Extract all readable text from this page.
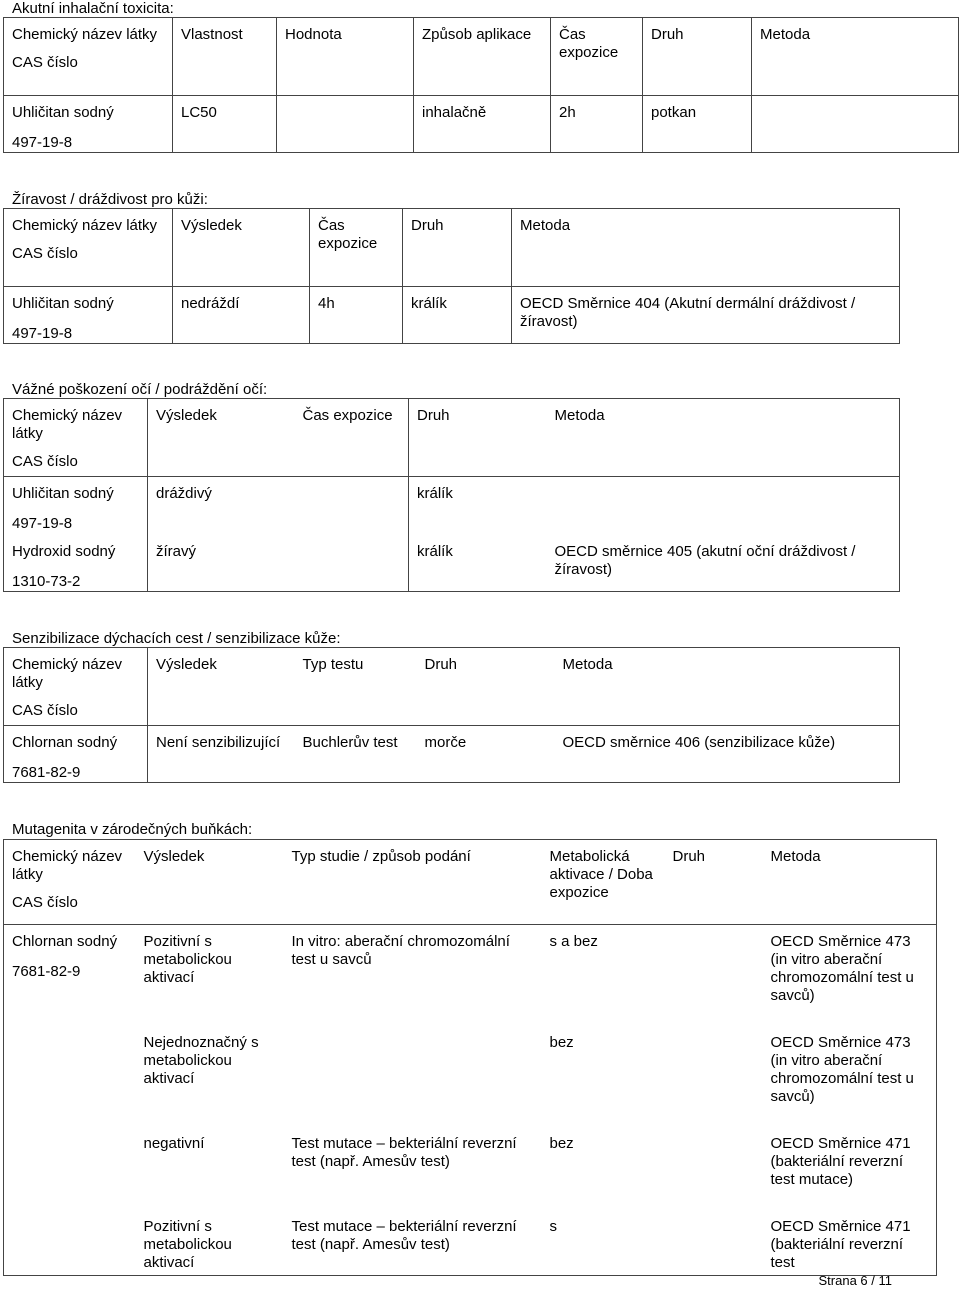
Akutní inhalační toxicita:

Chemický název látky
CAS číslo	Vlastnost	Hodnota	Způsob aplikace	Čas expozice	Druh	Metoda

Uhličitan sodný
497-19-8	LC50		inhalačně	2h	potkan	

Žíravost / dráždivost pro kůži:

Chemický název látky
CAS číslo	Výsledek	Čas expozice	Druh	Metoda

Uhličitan sodný
497-19-8	nedráždí	4h	králík	OECD Směrnice 404 (Akutní dermální dráždivost / žíravost)

Vážné poškození očí / podráždění očí:

Chemický název látky
CAS číslo	Výsledek	Čas expozice	Druh	Metoda

Uhličitan sodný
497-19-8	dráždivý		králík	

Hydroxid sodný
1310-73-2	žíravý		králík	OECD směrnice 405 (akutní oční dráždivost /žíravost)

Senzibilizace dýchacích cest / senzibilizace kůže:

Chemický název látky
CAS číslo	Výsledek	Typ testu	Druh	Metoda

Chlornan sodný
7681-82-9	Není senzibilizující	Buchlerův test	morče	OECD směrnice 406 (senzibilizace kůže)

Mutagenita v zárodečných buňkách:

Chemický název látky
CAS číslo	Výsledek	Typ studie / způsob podání	Metabolická aktivace / Doba expozice	Druh	Metoda

Chlornan sodný
7681-82-9	Pozitivní s metabolickou aktivací	In vitro: aberační chromozomální test u savců	s a bez		OECD Směrnice 473 (in vitro aberační chromozomální test u savců)

	Nejednoznačný s metabolickou aktivací		bez		OECD Směrnice 473 (in vitro aberační chromozomální test u savců)

	negativní	Test mutace – bekteriální reverzní test (např. Amesův test)	bez		OECD Směrnice 471 (bakteriální reverzní test mutace)

	Pozitivní s metabolickou aktivací	Test mutace – bekteriální reverzní test (např. Amesův test)	s		OECD Směrnice 471 (bakteriální reverzní test
Strana 6 / 11
